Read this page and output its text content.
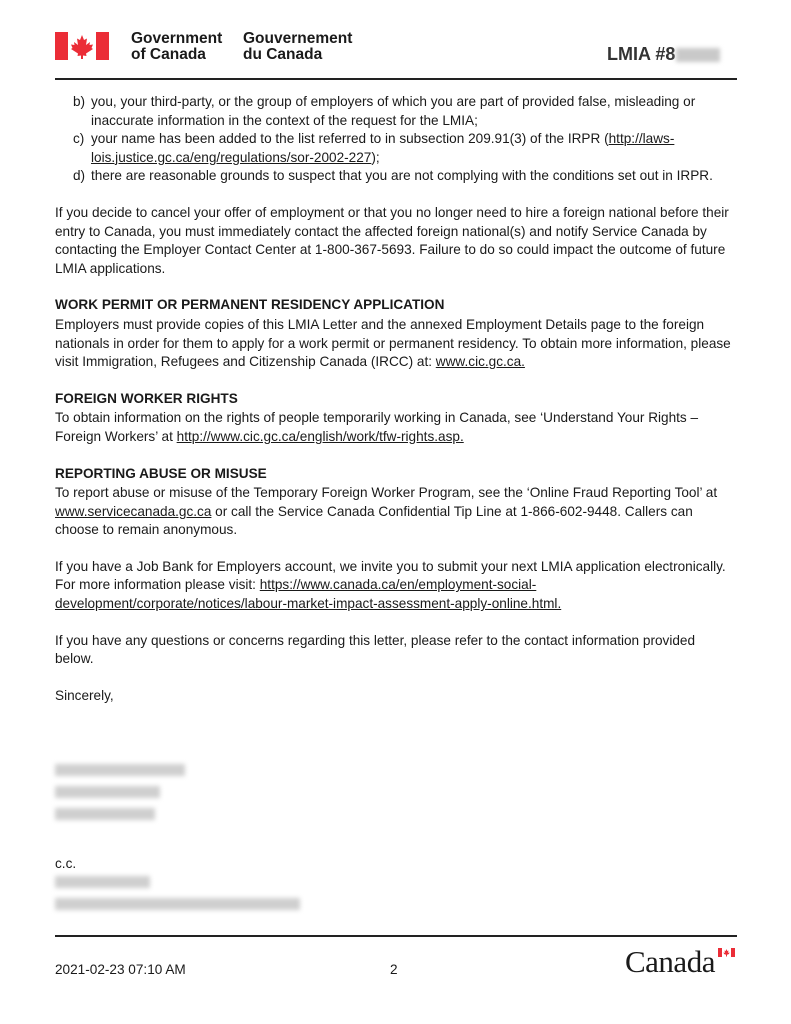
Government
of Canada
Gouvernement
du Canada	LMIA #8
b) you, your third-party, or the group of employers of which you are part of provided false, misleading or inaccurate information in the context of the request for the LMIA;
c) your name has been added to the list referred to in subsection 209.91(3) of the IRPR (http://laws-lois.justice.gc.ca/eng/regulations/sor-2002-227);
d) there are reasonable grounds to suspect that you are not complying with the conditions set out in IRPR.

If you decide to cancel your offer of employment or that you no longer need to hire a foreign national before their entry to Canada, you must immediately contact the affected foreign national(s) and notify Service Canada by contacting the Employer Contact Center at 1-800-367-5693. Failure to do so could impact the outcome of future LMIA applications.

WORK PERMIT OR PERMANENT RESIDENCY APPLICATION
Employers must provide copies of this LMIA Letter and the annexed Employment Details page to the foreign nationals in order for them to apply for a work permit or permanent residency. To obtain more information, please visit Immigration, Refugees and Citizenship Canada (IRCC) at: www.cic.gc.ca.
FOREIGN WORKER RIGHTS
To obtain information on the rights of people temporarily working in Canada, see ‘Understand Your Rights – Foreign Workers’ at http://www.cic.gc.ca/english/work/tfw-rights.asp.
REPORTING ABUSE OR MISUSE
To report abuse or misuse of the Temporary Foreign Worker Program, see the ‘Online Fraud Reporting Tool’ at www.servicecanada.gc.ca or call the Service Canada Confidential Tip Line at 1-866-602-9448. Callers can choose to remain anonymous.

If you have a Job Bank for Employers account, we invite you to submit your next LMIA application electronically. For more information please visit: https://www.canada.ca/en/employment-social-development/corporate/notices/labour-market-impact-assessment-apply-online.html.

If you have any questions or concerns regarding this letter, please refer to the contact information provided below.

Sincerely,

c.c.
2021-02-23 07:10 AM	2	Canada
